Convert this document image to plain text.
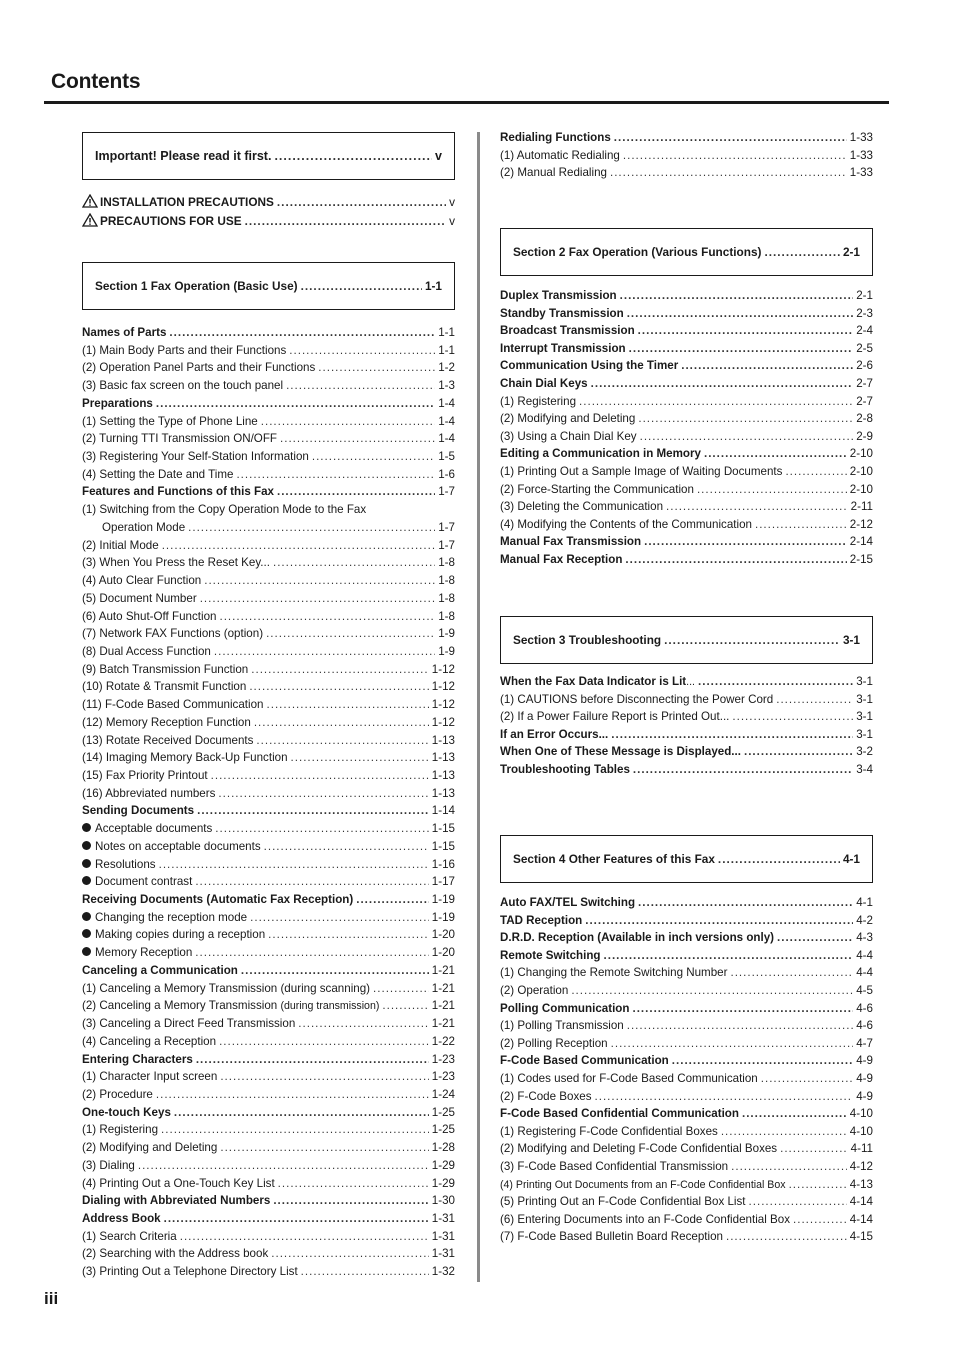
Contents
Important! Please read it first. .....	v
INSTALLATION PRECAUTIONS .....	v
PRECAUTIONS FOR USE .....	v
Section 1 Fax Operation (Basic Use) .....	1-1
Names of Parts .....	1-1
(1) Main Body Parts and their Functions .....	1-1
(2) Operation Panel Parts and their Functions .....	1-2
(3) Basic fax screen on the touch panel .....	1-3
Preparations .....	1-4
(1) Setting the Type of Phone Line .....	1-4
(2) Turning TTI Transmission ON/OFF .....	1-4
(3) Registering Your Self-Station Information .....	1-5
(4) Setting the Date and Time .....	1-6
Features and Functions of this Fax .....	1-7
(1) Switching from the Copy Operation Mode to the Fax
Operation Mode .....	1-7
(2) Initial Mode .....	1-7
(3) When You Press the Reset Key... .....	1-8
(4) Auto Clear Function .....	1-8
(5) Document Number .....	1-8
(6) Auto Shut-Off Function .....	1-8
(7) Network FAX Functions (option) .....	1-9
(8) Dual Access Function .....	1-9
(9) Batch Transmission Function .....	1-12
(10) Rotate & Transmit Function .....	1-12
(11) F-Code Based Communication .....	1-12
(12) Memory Reception Function .....	1-12
(13) Rotate Received Documents .....	1-13
(14) Imaging Memory Back-Up Function .....	1-13
(15) Fax Priority Printout .....	1-13
(16) Abbreviated numbers .....	1-13
Sending Documents .....	1-14
Acceptable documents .....	1-15
Notes on acceptable documents .....	1-15
Resolutions .....	1-16
Document contrast .....	1-17
Receiving Documents (Automatic Fax Reception) .....	1-19
Changing the reception mode .....	1-19
Making copies during a reception .....	1-20
Memory Reception .....	1-20
Canceling a Communication .....	1-21
(1) Canceling a Memory Transmission (during scanning) .....	1-21
(2) Canceling a Memory Transmission (during transmission) .....	1-21
(3) Canceling a Direct Feed Transmission .....	1-21
(4) Canceling a Reception .....	1-22
Entering Characters .....	1-23
(1) Character Input screen .....	1-23
(2) Procedure .....	1-24
One-touch Keys .....	1-25
(1) Registering .....	1-25
(2) Modifying and Deleting .....	1-28
(3) Dialing .....	1-29
(4) Printing Out a One-Touch Key List .....	1-29
Dialing with Abbreviated Numbers .....	1-30
Address Book .....	1-31
(1) Search Criteria .....	1-31
(2) Searching with the Address book .....	1-31
(3) Printing Out a Telephone Directory List .....	1-32
Redialing Functions .....	1-33
(1) Automatic Redialing .....	1-33
(2) Manual Redialing .....	1-33
Section 2 Fax Operation (Various Functions) .....	2-1
Duplex Transmission .....	2-1
Standby Transmission .....	2-3
Broadcast Transmission .....	2-4
Interrupt Transmission .....	2-5
Communication Using the Timer .....	2-6
Chain Dial Keys .....	2-7
(1) Registering .....	2-7
(2) Modifying and Deleting .....	2-8
(3) Using a Chain Dial Key .....	2-9
Editing a Communication in Memory .....	2-10
(1) Printing Out a Sample Image of Waiting Documents .....	2-10
(2) Force-Starting the Communication .....	2-10
(3) Deleting the Communication .....	2-11
(4) Modifying the Contents of the Communication .....	2-12
Manual Fax Transmission .....	2-14
Manual Fax Reception .....	2-15
Section 3 Troubleshooting .....	3-1
When the Fax Data Indicator is Lit... .....	3-1
(1) CAUTIONS before Disconnecting the Power Cord .....	3-1
(2) If a Power Failure Report is Printed Out... .....	3-1
If an Error Occurs... .....	3-1
When One of These Message is Displayed... .....	3-2
Troubleshooting Tables .....	3-4
Section 4 Other Features of this Fax .....	4-1
Auto FAX/TEL Switching .....	4-1
TAD Reception .....	4-2
D.R.D. Reception (Available in inch versions only) .....	4-3
Remote Switching .....	4-4
(1) Changing the Remote Switching Number .....	4-4
(2) Operation .....	4-5
Polling Communication .....	4-6
(1) Polling Transmission .....	4-6
(2) Polling Reception .....	4-7
F-Code Based Communication .....	4-9
(1) Codes used for F-Code Based Communication .....	4-9
(2) F-Code Boxes .....	4-9
F-Code Based Confidential Communication .....	4-10
(1) Registering F-Code Confidential Boxes .....	4-10
(2) Modifying and Deleting F-Code Confidential Boxes .....	4-11
(3) F-Code Based Confidential Transmission .....	4-12
(4) Printing Out Documents from an F-Code Confidential Box .....	4-13
(5) Printing Out an F-Code Confidential Box List .....	4-14
(6) Entering Documents into an F-Code Confidential Box .....	4-14
(7) F-Code Based Bulletin Board Reception .....	4-15
iii
